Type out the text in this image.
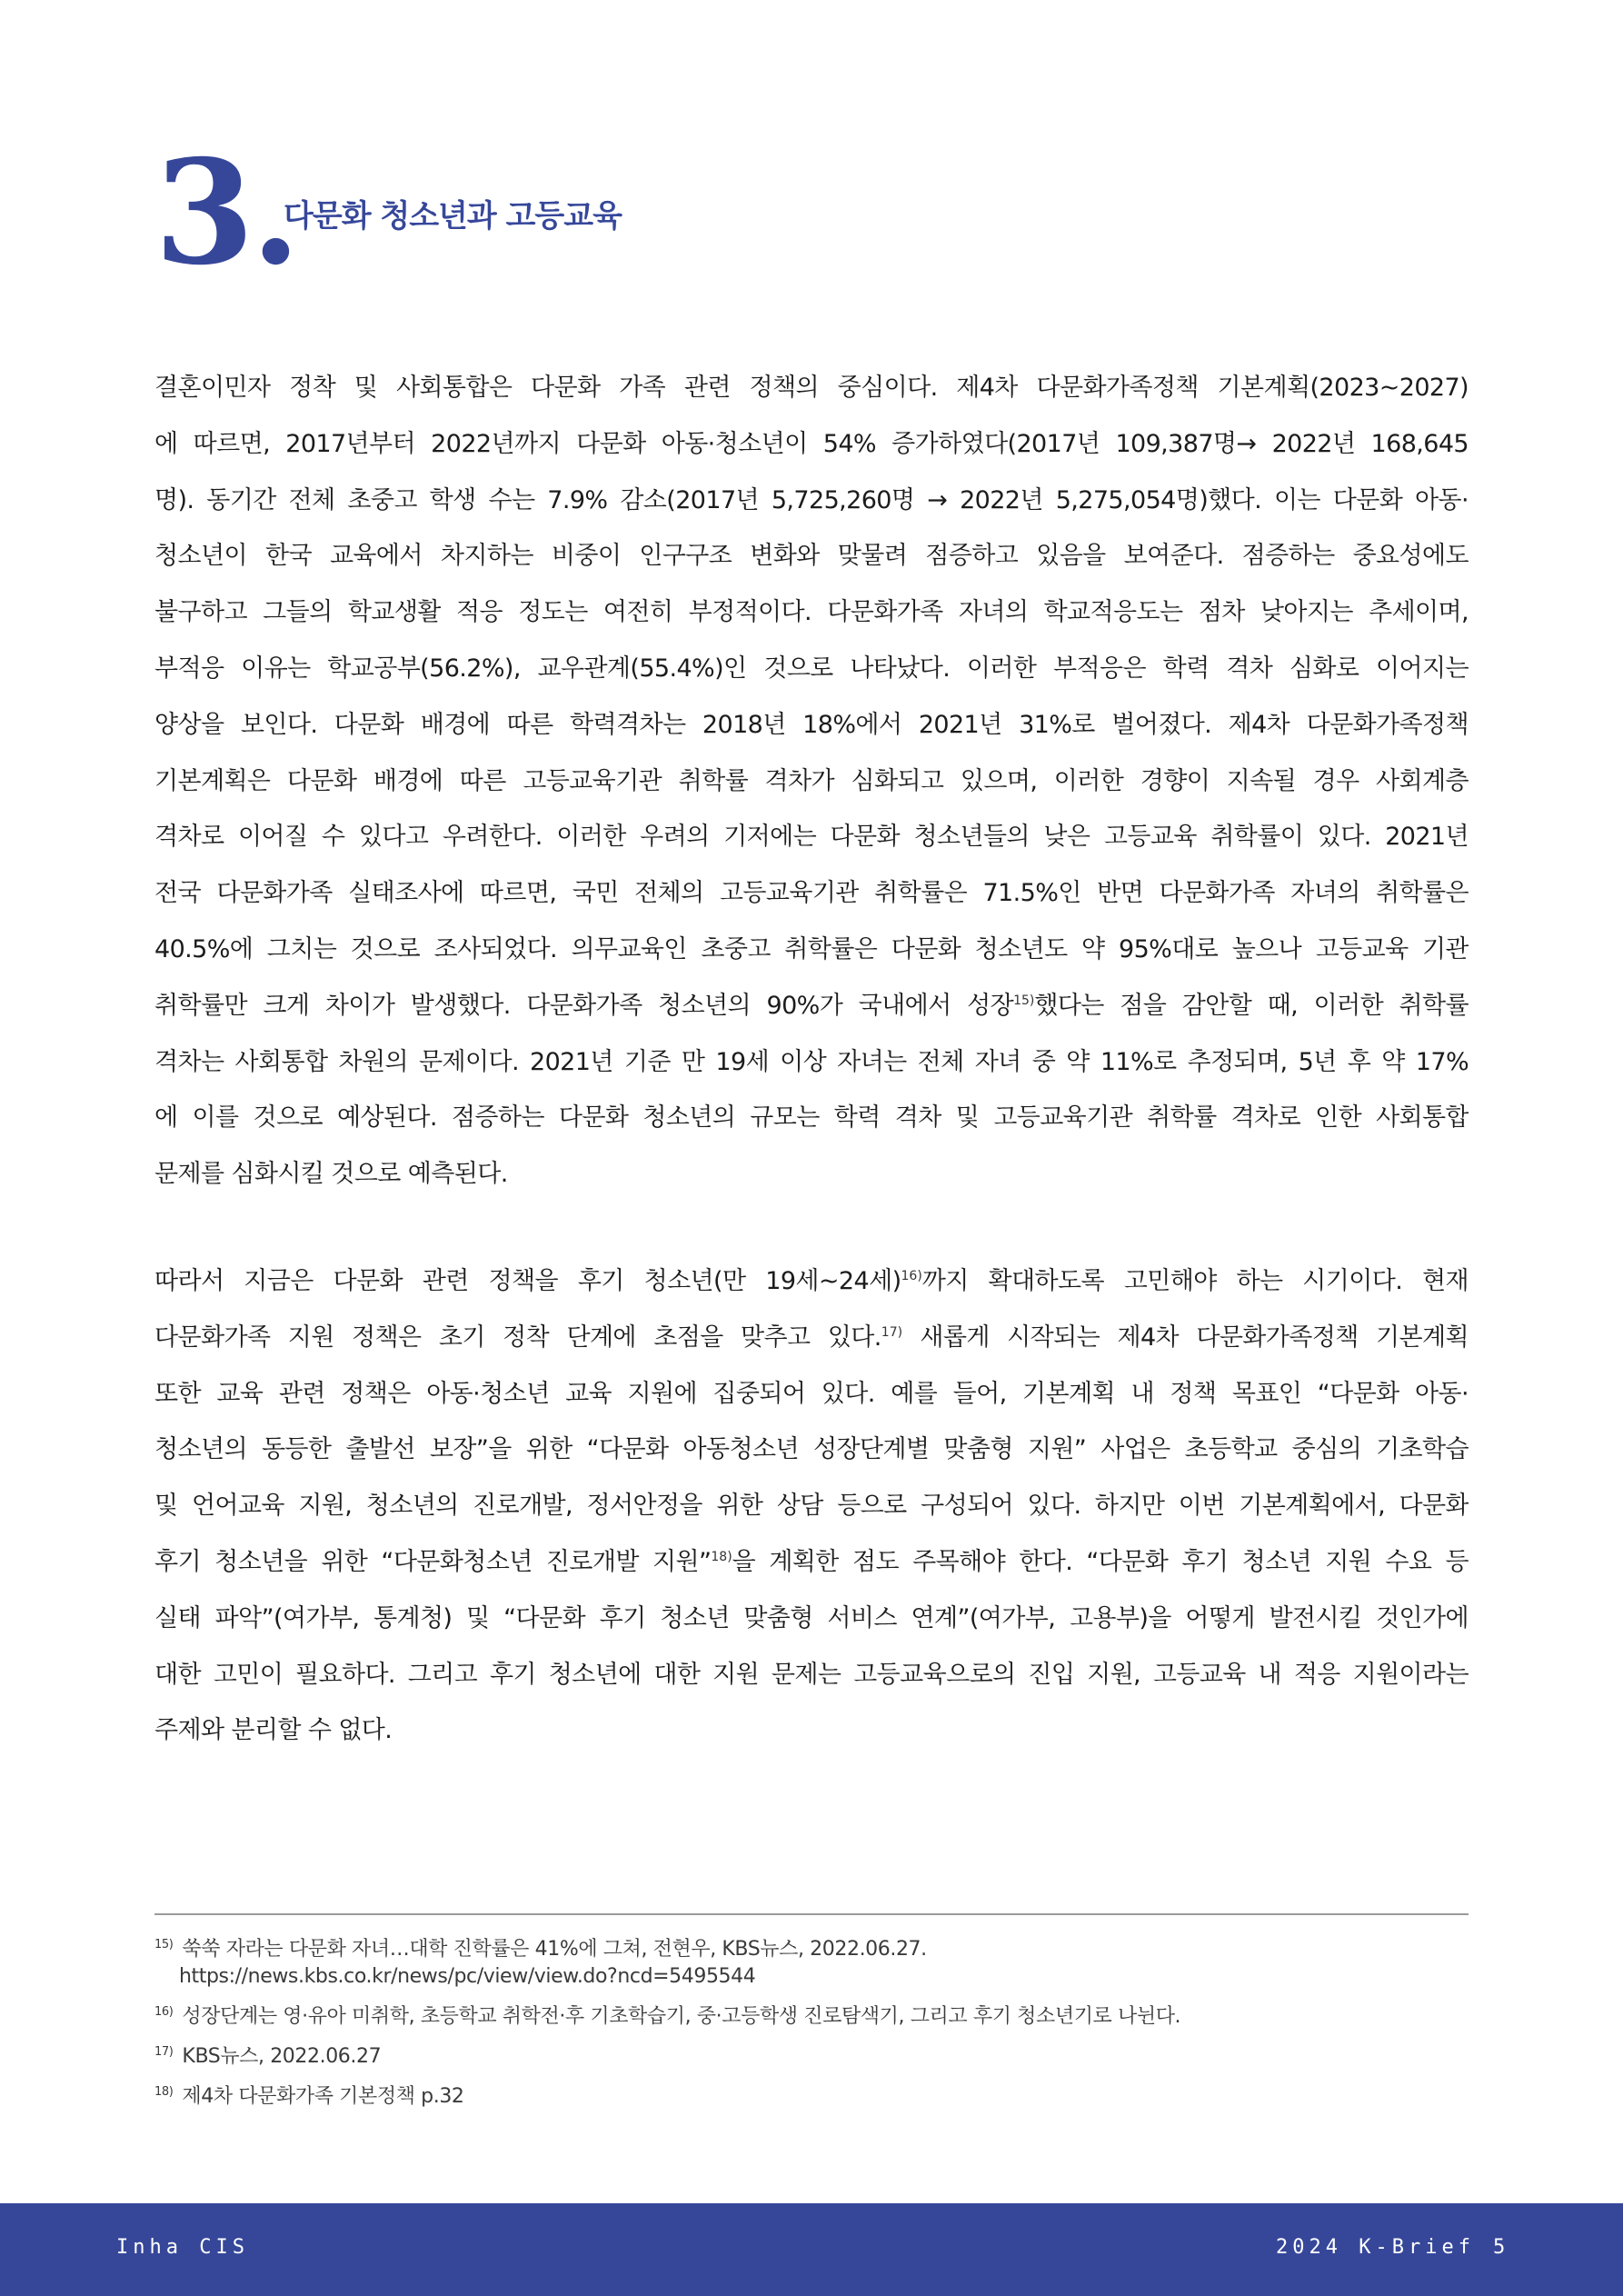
3.
다문화 청소년과 고등교육
결혼이민자 정착 및 사회통합은 다문화 가족 관련 정책의 중심이다. 제4차 다문화가족정책 기본계획(2023~2027)
에 따르면, 2017년부터 2022년까지 다문화 아동·청소년이 54% 증가하였다(2017년 109,387명→ 2022년 168,645
명). 동기간 전체 초중고 학생 수는 7.9% 감소(2017년 5,725,260명 → 2022년 5,275,054명)했다. 이는 다문화 아동·
청소년이 한국 교육에서 차지하는 비중이 인구구조 변화와 맞물려 점증하고 있음을 보여준다. 점증하는 중요성에도
불구하고 그들의 학교생활 적응 정도는 여전히 부정적이다. 다문화가족 자녀의 학교적응도는 점차 낮아지는 추세이며,
부적응 이유는 학교공부(56.2%), 교우관계(55.4%)인 것으로 나타났다. 이러한 부적응은 학력 격차 심화로 이어지는
양상을 보인다. 다문화 배경에 따른 학력격차는 2018년 18%에서 2021년 31%로 벌어졌다. 제4차 다문화가족정책
기본계획은 다문화 배경에 따른 고등교육기관 취학률 격차가 심화되고 있으며, 이러한 경향이 지속될 경우 사회계층
격차로 이어질 수 있다고 우려한다. 이러한 우려의 기저에는 다문화 청소년들의 낮은 고등교육 취학률이 있다. 2021년
전국 다문화가족 실태조사에 따르면, 국민 전체의 고등교육기관 취학률은 71.5%인 반면 다문화가족 자녀의 취학률은
40.5%에 그치는 것으로 조사되었다. 의무교육인 초중고 취학률은 다문화 청소년도 약 95%대로 높으나 고등교육 기관
취학률만 크게 차이가 발생했다. 다문화가족 청소년의 90%가 국내에서 성장$^{15)}$했다는 점을 감안할 때, 이러한 취학률
격차는 사회통합 차원의 문제이다. 2021년 기준 만 19세 이상 자녀는 전체 자녀 중 약 11%로 추정되며, 5년 후 약 17%
에 이를 것으로 예상된다. 점증하는 다문화 청소년의 규모는 학력 격차 및 고등교육기관 취학률 격차로 인한 사회통합
문제를 심화시킬 것으로 예측된다.
따라서 지금은 다문화 관련 정책을 후기 청소년(만 19세~24세)$^{16)}$까지 확대하도록 고민해야 하는 시기이다. 현재
다문화가족 지원 정책은 초기 정착 단계에 초점을 맞추고 있다.$^{17)}$ 새롭게 시작되는 제4차 다문화가족정책 기본계획
또한 교육 관련 정책은 아동·청소년 교육 지원에 집중되어 있다. 예를 들어, 기본계획 내 정책 목표인 “다문화 아동·
청소년의 동등한 출발선 보장”을 위한 “다문화 아동청소년 성장단계별 맞춤형 지원” 사업은 초등학교 중심의 기초학습
및 언어교육 지원, 청소년의 진로개발, 정서안정을 위한 상담 등으로 구성되어 있다. 하지만 이번 기본계획에서, 다문화
후기 청소년을 위한 “다문화청소년 진로개발 지원”$^{18)}$을 계획한 점도 주목해야 한다. “다문화 후기 청소년 지원 수요 등
실태 파악”(여가부, 통계청) 및 “다문화 후기 청소년 맞춤형 서비스 연계”(여가부, 고용부)을 어떻게 발전시킬 것인가에
대한 고민이 필요하다. 그리고 후기 청소년에 대한 지원 문제는 고등교육으로의 진입 지원, 고등교육 내 적응 지원이라는
주제와 분리할 수 없다.
$^{15)}$ 쑥쑥 자라는 다문화 자녀…대학 진학률은 41%에 그쳐, 전현우, KBS뉴스, 2022.06.27.
https://news.kbs.co.kr/news/pc/view/view.do?ncd=5495544
$^{16)}$ 성장단계는 영·유아 미취학, 초등학교 취학전·후 기초학습기, 중·고등학생 진로탐색기, 그리고 후기 청소년기로 나뉜다.
$^{17)}$ KBS뉴스, 2022.06.27
$^{18)}$ 제4차 다문화가족 기본정책 p.32
Inha CIS	2024 K-Brief 5
